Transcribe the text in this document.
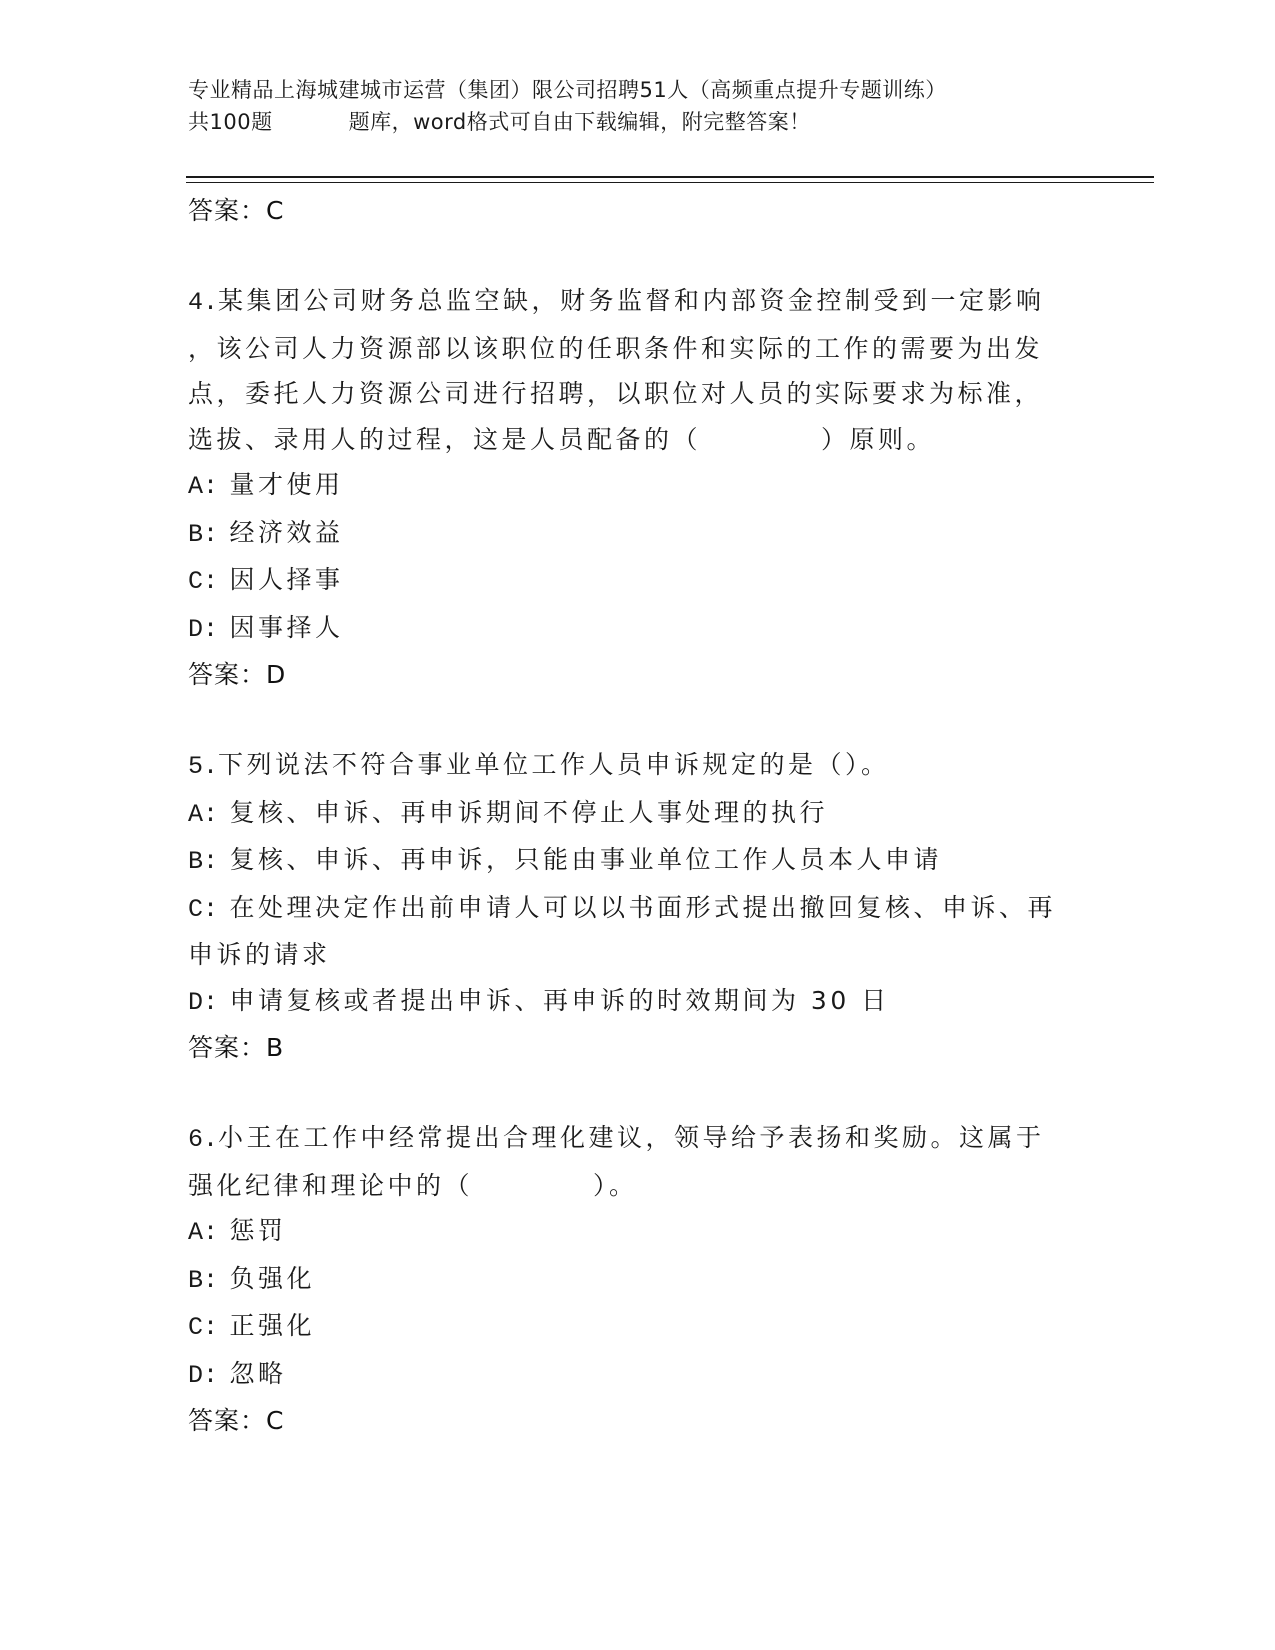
专业精品上海城建城市运营（集团）限公司招聘51人（高频重点提升专题训练）
共100题	题库，word格式可自由下载编辑，附完整答案！
答案：C
4.某集团公司财务总监空缺，财务监督和内部资金控制受到一定影响
，该公司人力资源部以该职位的任职条件和实际的工作的需要为出发
点，委托人力资源公司进行招聘，以职位对人员的实际要求为标准，
选拔、录用人的过程，这是人员配备的（	）原则。
A: 量才使用
B: 经济效益
C: 因人择事
D: 因事择人
答案：D
5.下列说法不符合事业单位工作人员申诉规定的是（）。
A: 复核、申诉、再申诉期间不停止人事处理的执行
B: 复核、申诉、再申诉，只能由事业单位工作人员本人申请
C: 在处理决定作出前申请人可以以书面形式提出撤回复核、申诉、再
申诉的请求
D: 申请复核或者提出申诉、再申诉的时效期间为 30 日
答案：B
6.小王在工作中经常提出合理化建议，领导给予表扬和奖励。这属于
强化纪律和理论中的（	）。
A: 惩罚
B: 负强化
C: 正强化
D: 忽略
答案：C
